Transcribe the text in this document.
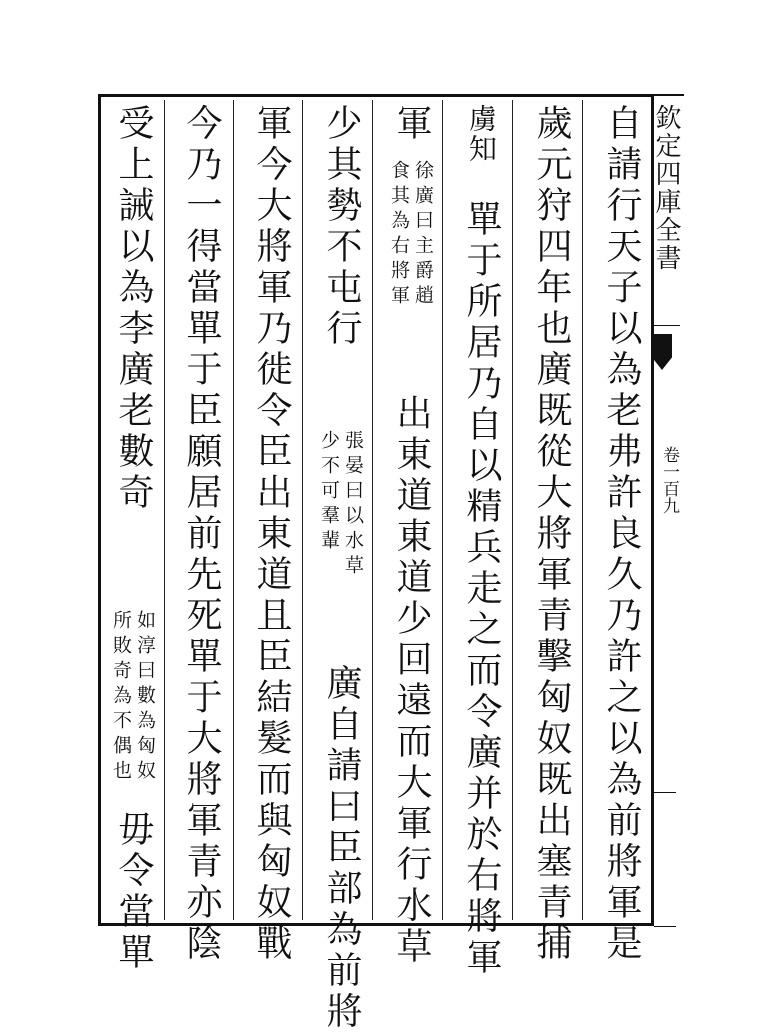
欽定四庫全書
卷一百九
自請行天子以為老弗許良久乃許之以為前將軍是
歲元狩四年也廣既從大將軍青擊匈奴既出塞青捕
虜知
單于所居乃自以精兵走之而令廣并於右將軍
軍
徐廣曰主爵趙
食其為右將軍
出東道東道少回遠而大軍行水草
少其勢不屯行
張晏曰以水草
少不可羣輩
廣自請曰臣部為前將
軍今大將軍乃徙令臣出東道且臣結髮而與匈奴戰
今乃一得當單于臣願居前先死單于大將軍青亦陰
受上誡以為李廣老數奇
如淳曰數為匈奴
所敗奇為不偶也
毋令當單
